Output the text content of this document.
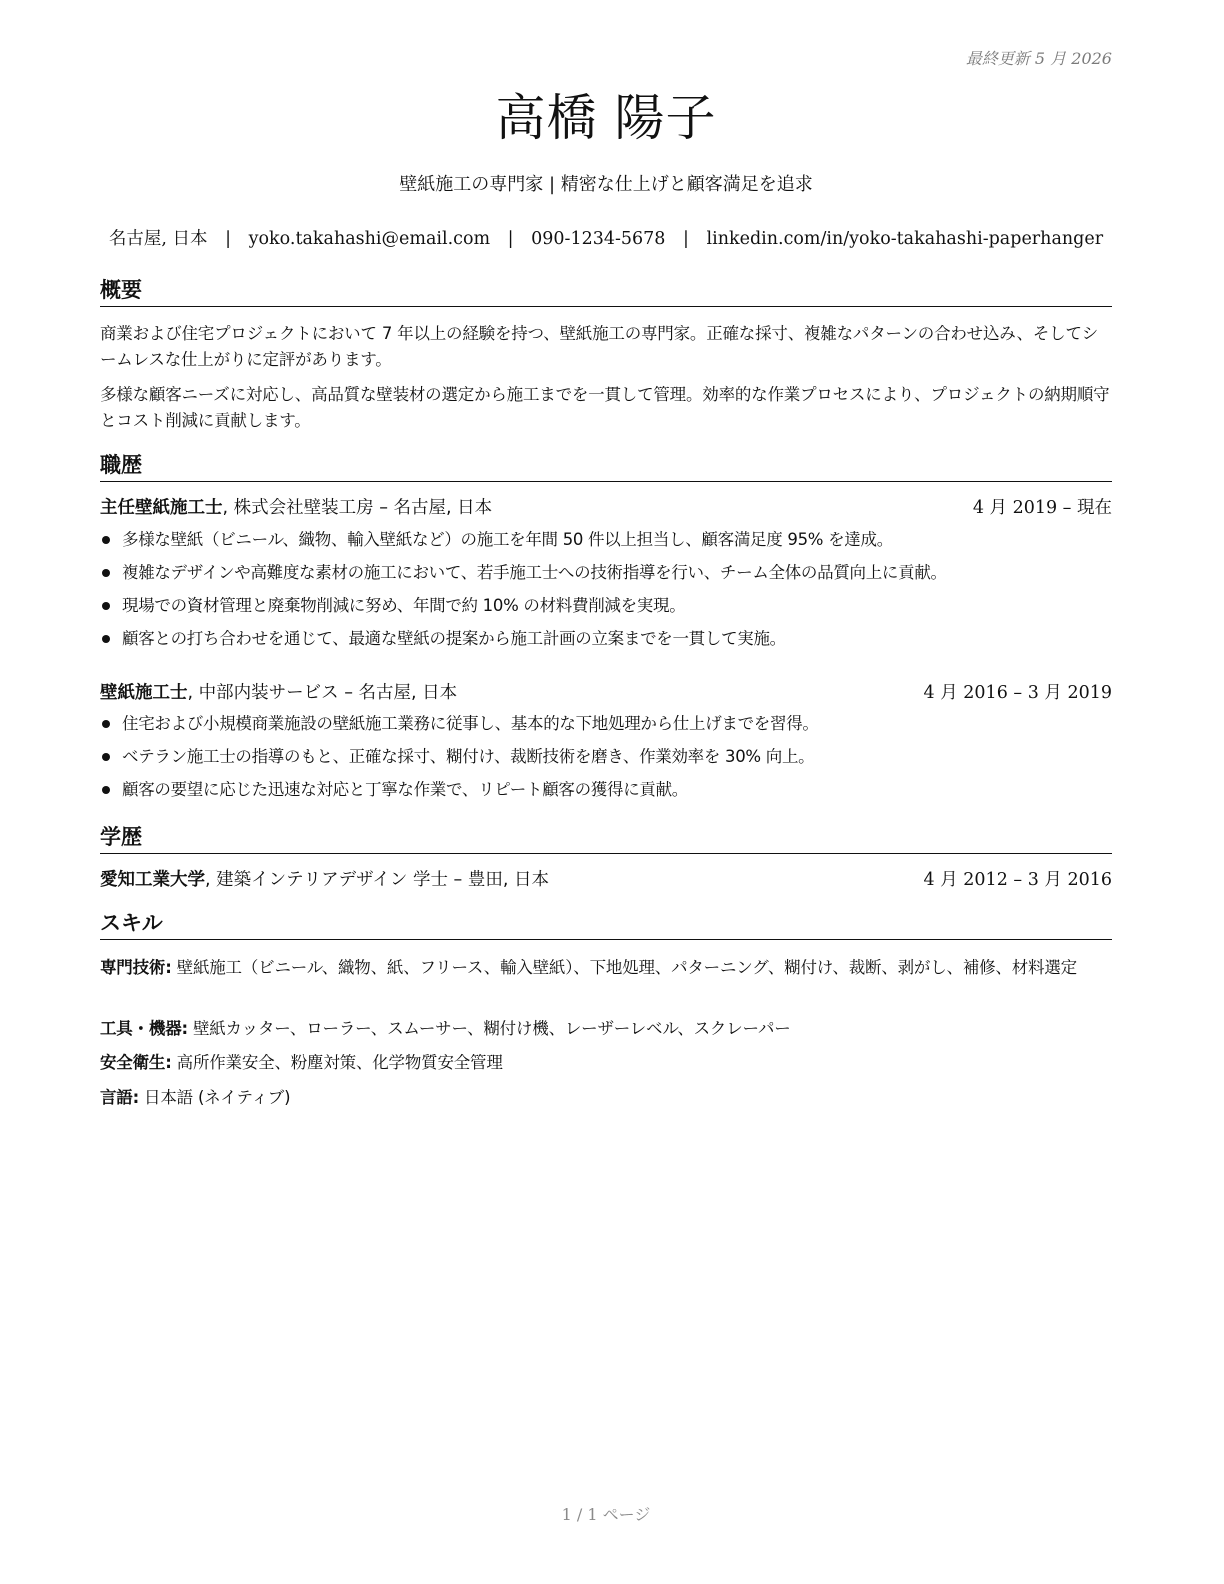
最終更新 5 月 2026
高橋 陽子
壁紙施工の専門家 | 精密な仕上げと顧客満足を追求
名古屋, 日本 | yoko.takahashi@email.com | 090-1234-5678 | linkedin.com/in/yoko-takahashi-paperhanger
概要
商業および住宅プロジェクトにおいて 7 年以上の経験を持つ、壁紙施工の専門家。正確な採寸、複雑なパターンの合わせ込み、そしてシームレスな仕上がりに定評があります。
多様な顧客ニーズに対応し、高品質な壁装材の選定から施工までを一貫して管理。効率的な作業プロセスにより、プロジェクトの納期順守とコスト削減に貢献します。
職歴
主任壁紙施工士, 株式会社壁装工房 – 名古屋, 日本	4 月 2019 – 現在
多様な壁紙（ビニール、織物、輸入壁紙など）の施工を年間 50 件以上担当し、顧客満足度 95% を達成。
複雑なデザインや高難度な素材の施工において、若手施工士への技術指導を行い、チーム全体の品質向上に貢献。
現場での資材管理と廃棄物削減に努め、年間で約 10% の材料費削減を実現。
顧客との打ち合わせを通じて、最適な壁紙の提案から施工計画の立案までを一貫して実施。
壁紙施工士, 中部内装サービス – 名古屋, 日本	4 月 2016 – 3 月 2019
住宅および小規模商業施設の壁紙施工業務に従事し、基本的な下地処理から仕上げまでを習得。
ベテラン施工士の指導のもと、正確な採寸、糊付け、裁断技術を磨き、作業効率を 30% 向上。
顧客の要望に応じた迅速な対応と丁寧な作業で、リピート顧客の獲得に貢献。
学歴
愛知工業大学, 建築インテリアデザイン 学士 – 豊田, 日本	4 月 2012 – 3 月 2016
スキル
専門技術: 壁紙施工（ビニール、織物、紙、フリース、輸入壁紙）、下地処理、パターニング、糊付け、裁断、剥がし、補修、材料選定
工具・機器: 壁紙カッター、ローラー、スムーサー、糊付け機、レーザーレベル、スクレーパー
安全衛生: 高所作業安全、粉塵対策、化学物質安全管理
言語: 日本語 (ネイティブ)
1 / 1 ページ
